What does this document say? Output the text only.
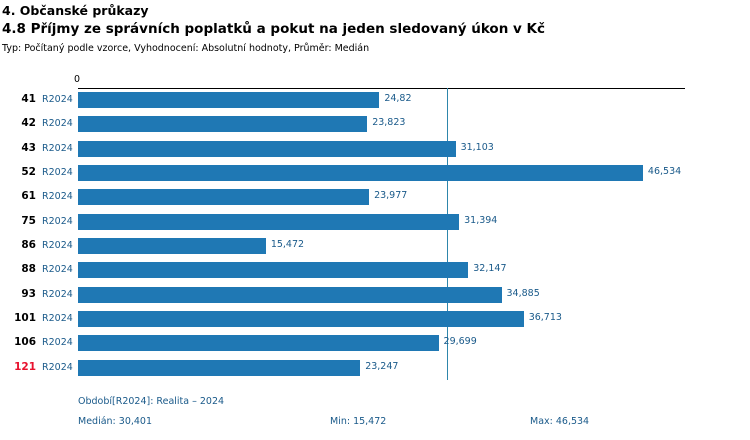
4. Občanské průkazy
4.8 Příjmy ze správních poplatků a pokut na jeden sledovaný úkon v Kč
Typ: Počítaný podle vzorce, Vyhodnocení: Absolutní hodnoty, Průměr: Medián
0
24,82
23,823
31,103
46,534
23,977
31,394
15,472
32,147
34,885
36,713
29,699
23,247
Období[R2024]: Realita – 2024
Medián: 30,401	Min: 15,472	Max: 46,534
41 R2024
42 R2024
43 R2024
52 R2024
61 R2024
75 R2024
86 R2024
88 R2024
93 R2024
101 R2024
106 R2024
121 R2024
